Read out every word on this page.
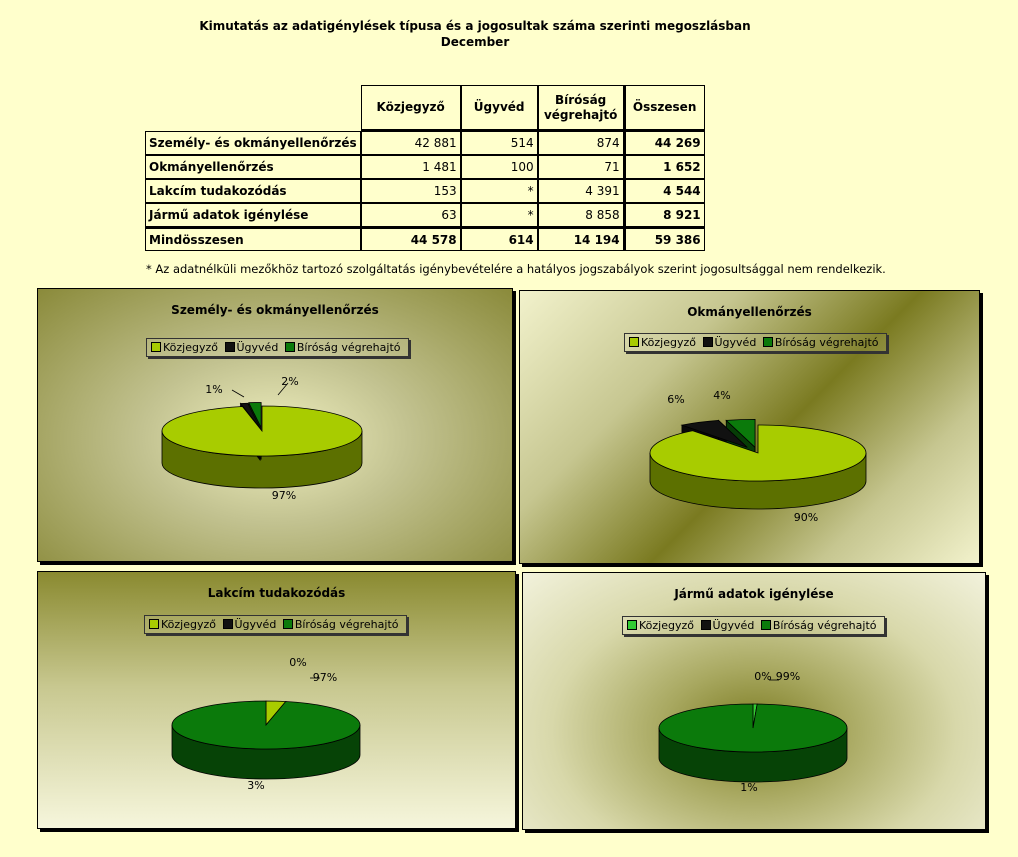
Kimutatás az adatigénylések típusa és a jogosultak száma szerinti megoszlásban
December
	Közjegyző	Ügyvéd	Bíróság végrehajtó	Összesen
Személy- és okmányellenőrzés	42 881	514	874	44 269
Okmányellenőrzés	1 481	100	71	1 652
Lakcím tudakozódás	153	*	4 391	4 544
Jármű adatok igénylése	63	*	8 858	8 921
Mindösszesen	44 578	614	14 194	59 386
* Az adatnélküli mezőkhöz tartozó szolgáltatás igénybevételére a hatályos jogszabályok szerint jogosultsággal nem rendelkezik.
Személy- és okmányellenőrzés
Közjegyző Ügyvéd Bíróság végrehajtó
97%
1%
2%
Okmányellenőrzés
Közjegyző Ügyvéd Bíróság végrehajtó
90%
6%	4%
Lakcím tudakozódás
Közjegyző Ügyvéd Bíróság végrehajtó
3%
0%
97%
Jármű adatok igénylése
Közjegyző Ügyvéd Bíróság végrehajtó
1%
0% 99%
